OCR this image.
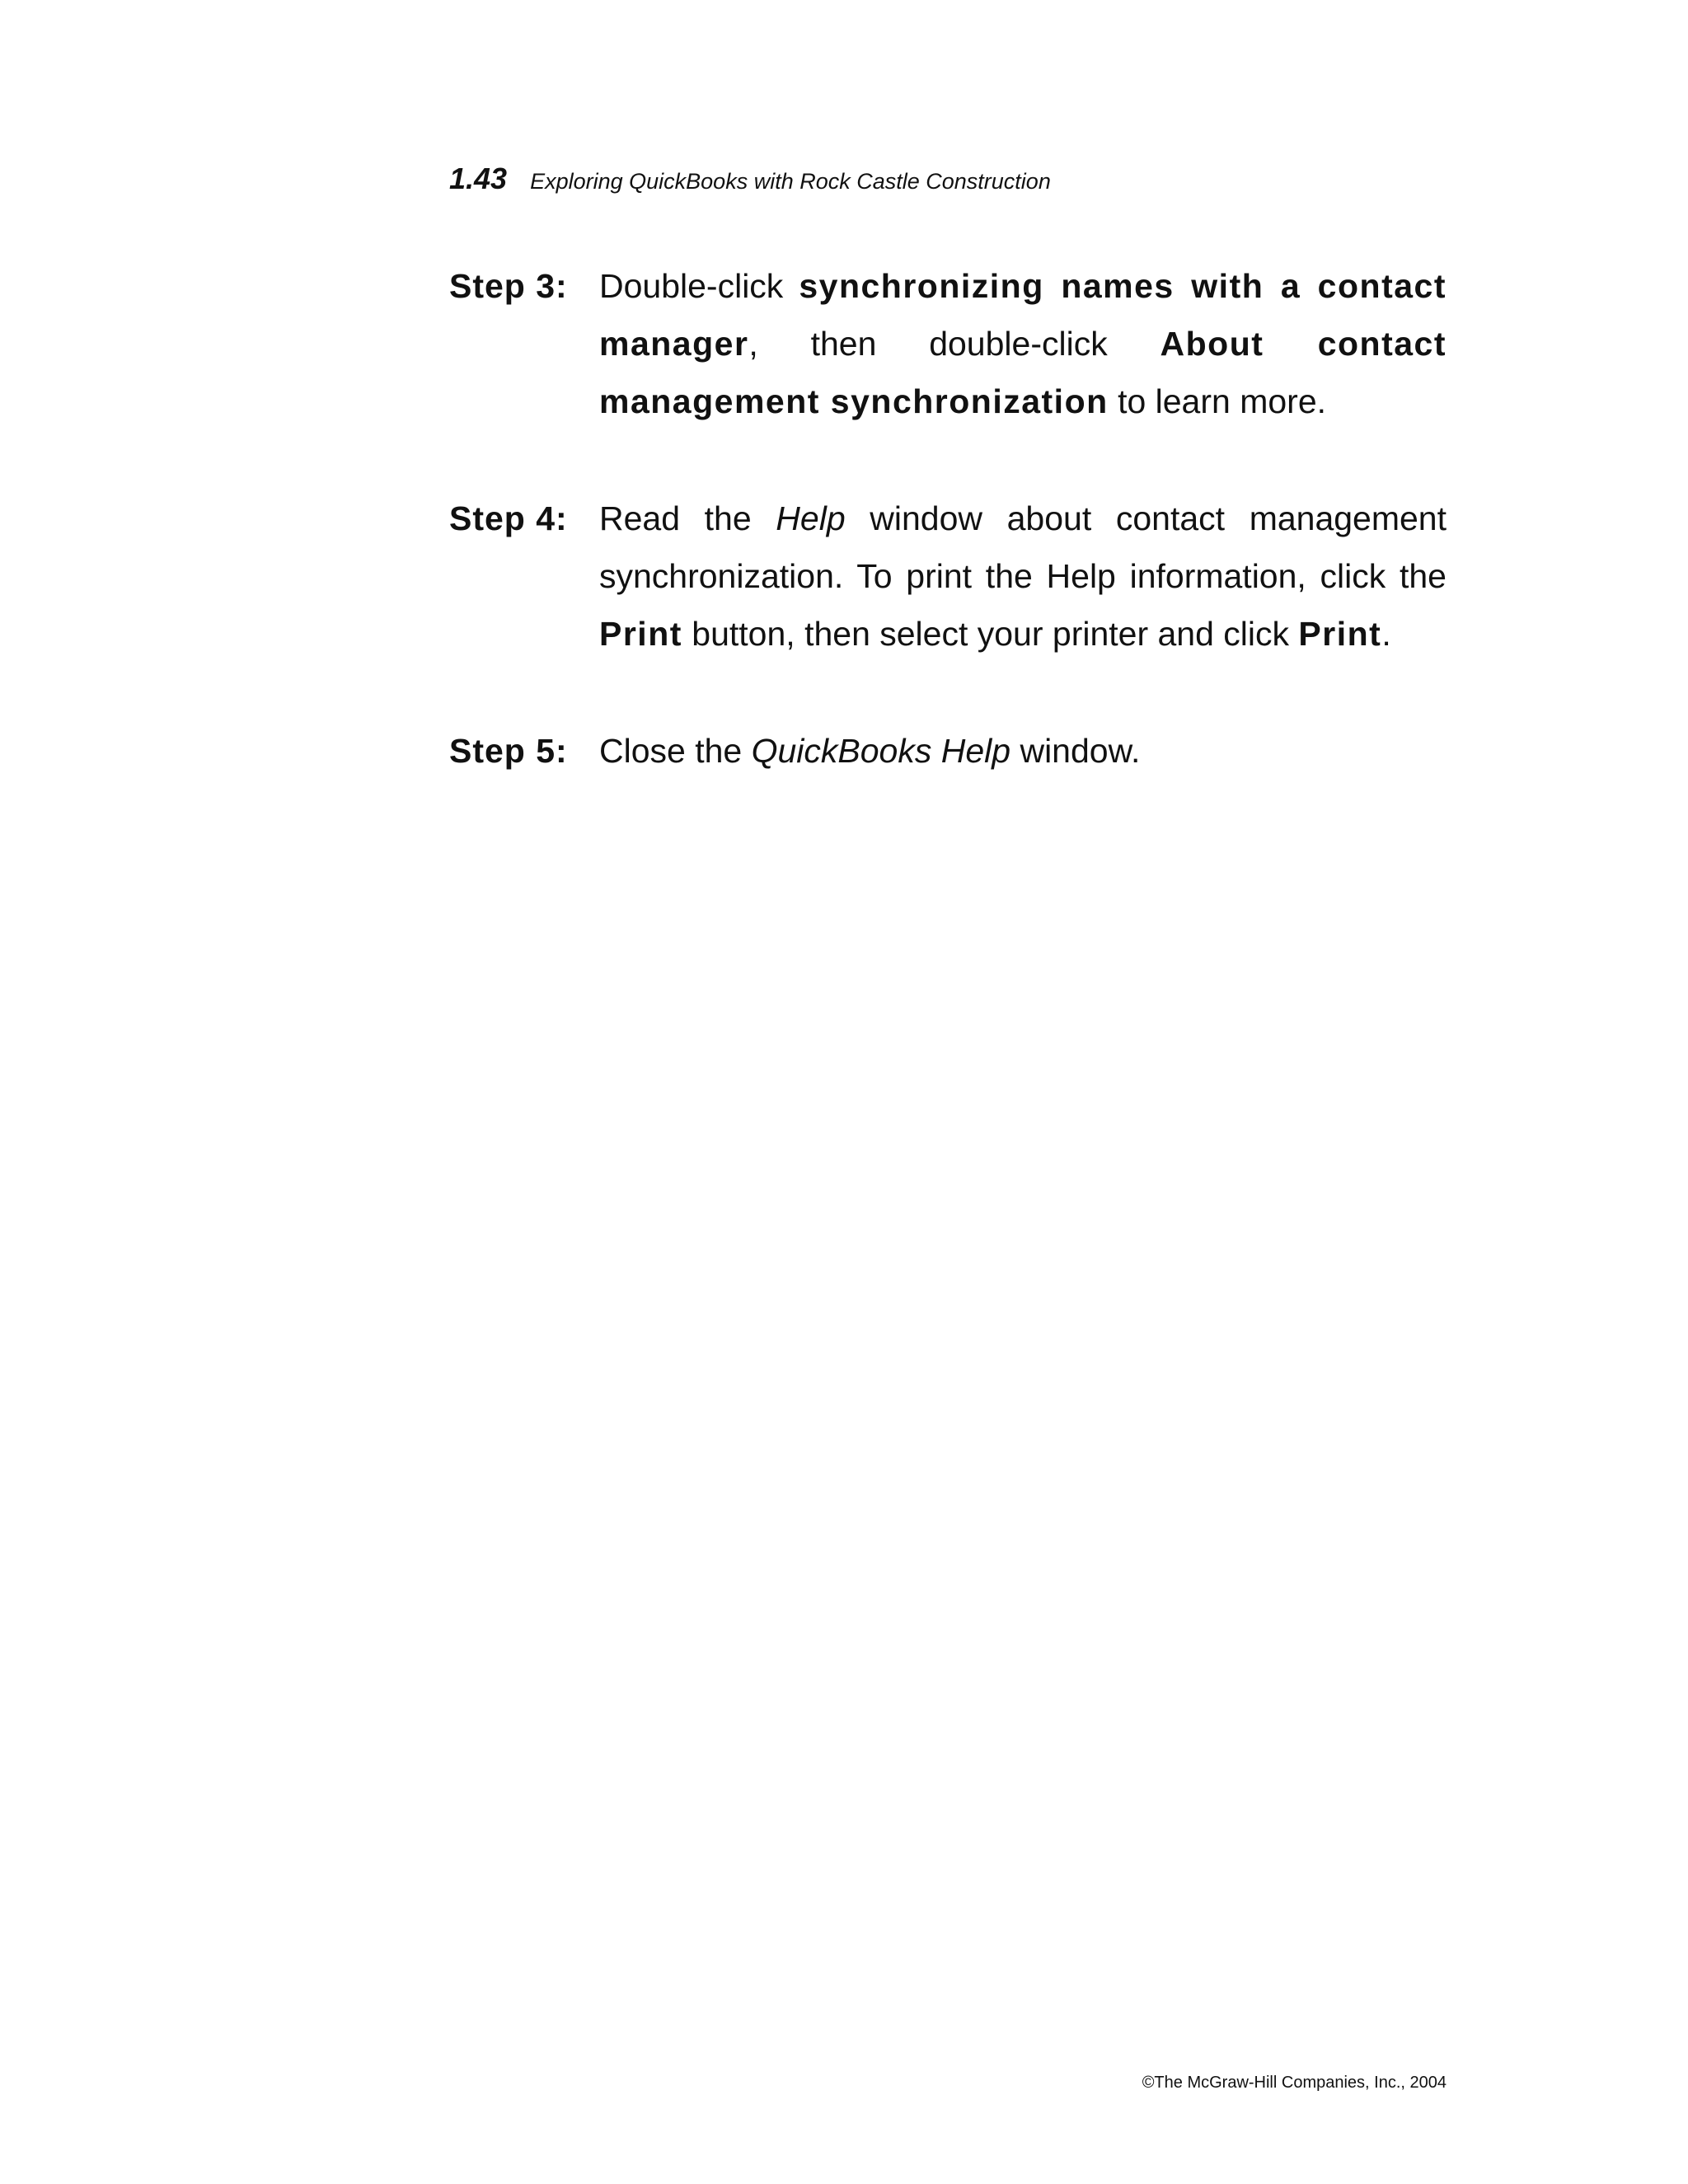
1.43 Exploring QuickBooks with Rock Castle Construction
Step 3: Double-click synchronizing names with a contact manager, then double-click About contact management synchronization to learn more.
Step 4: Read the Help window about contact management synchronization. To print the Help information, click the Print button, then select your printer and click Print.
Step 5: Close the QuickBooks Help window.
©The McGraw-Hill Companies, Inc., 2004
